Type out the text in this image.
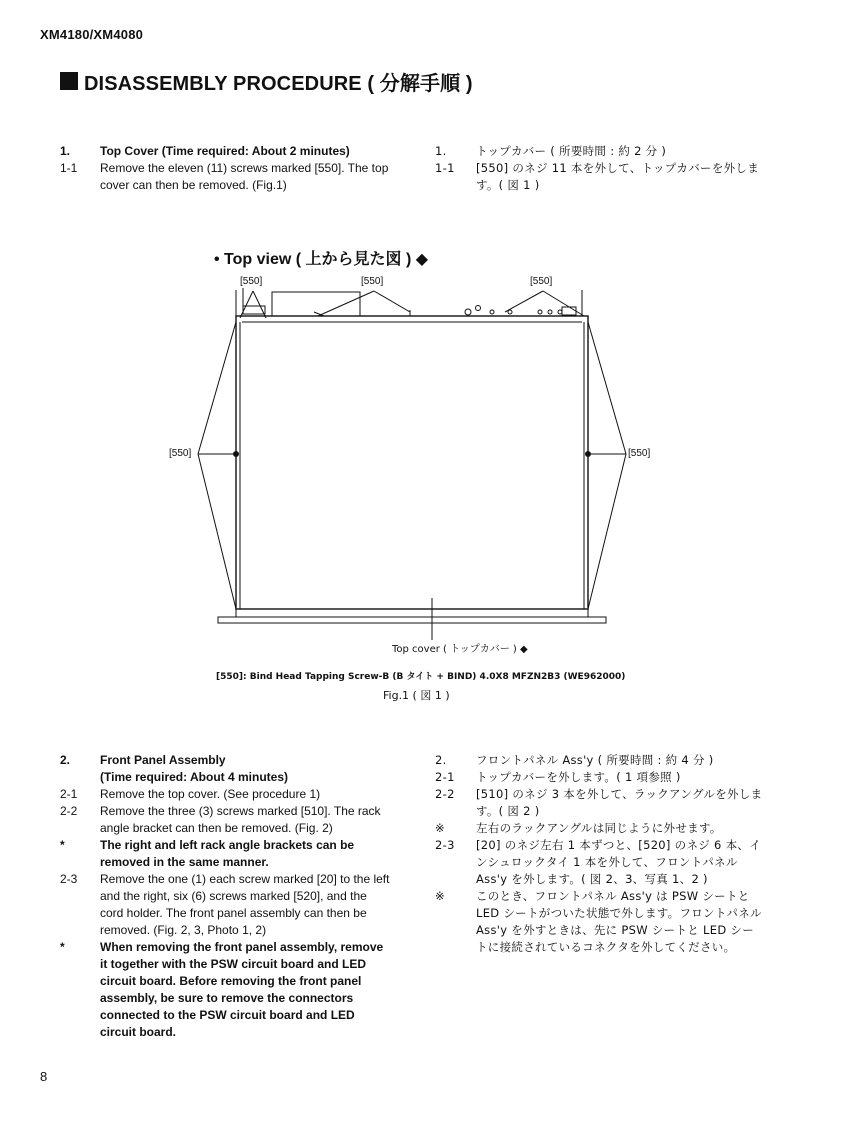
XM4180/XM4080
DISASSEMBLY PROCEDURE ( 分解手順 )
1.	Top Cover (Time required: About 2 minutes)
1-1	Remove the eleven (11) screws marked [550]. The top cover can then be removed. (Fig.1)
1.	トップカバー ( 所要時間 : 約 2 分 )
1-1	[550] のネジ 11 本を外して、トップカバーを外します。( 図 1 )
• Top view ( 上から見た図 ) ◆
[550]	[550]	[550]
[550]	[550]
Top cover ( トップカバー ) ◆
[550]: Bind Head Tapping Screw-B (B タイト + BIND) 4.0X8 MFZN2B3 (WE962000)
Fig.1 ( 図 1 )
2.	Front Panel Assembly
(Time required: About 4 minutes)
2-1	Remove the top cover. (See procedure 1)
2-2	Remove the three (3) screws marked [510]. The rack angle bracket can then be removed. (Fig. 2)
*	The right and left rack angle brackets can be removed in the same manner.
2-3	Remove the one (1) each screw marked [20] to the left and the right, six (6) screws marked [520], and the cord holder. The front panel assembly can then be removed. (Fig. 2, 3, Photo 1, 2)
*	When removing the front panel assembly, remove it together with the PSW circuit board and LED circuit board. Before removing the front panel assembly, be sure to remove the connectors connected to the PSW circuit board and LED circuit board.
2.	フロントパネル Ass'y ( 所要時間 : 約 4 分 )
2-1	トップカバーを外します。( 1 項参照 )
2-2	[510] のネジ 3 本を外して、ラックアングルを外します。( 図 2 )
※	左右のラックアングルは同じように外せます。
2-3	[20] のネジ左右 1 本ずつと、[520] のネジ 6 本、インシュロックタイ 1 本を外して、フロントパネル Ass'y を外します。( 図 2、3、写真 1、2 )
※	このとき、フロントパネル Ass'y は PSW シートと LED シートがついた状態で外します。フロントパネル Ass'y を外すときは、先に PSW シートと LED シートに接続されているコネクタを外してください。
8
